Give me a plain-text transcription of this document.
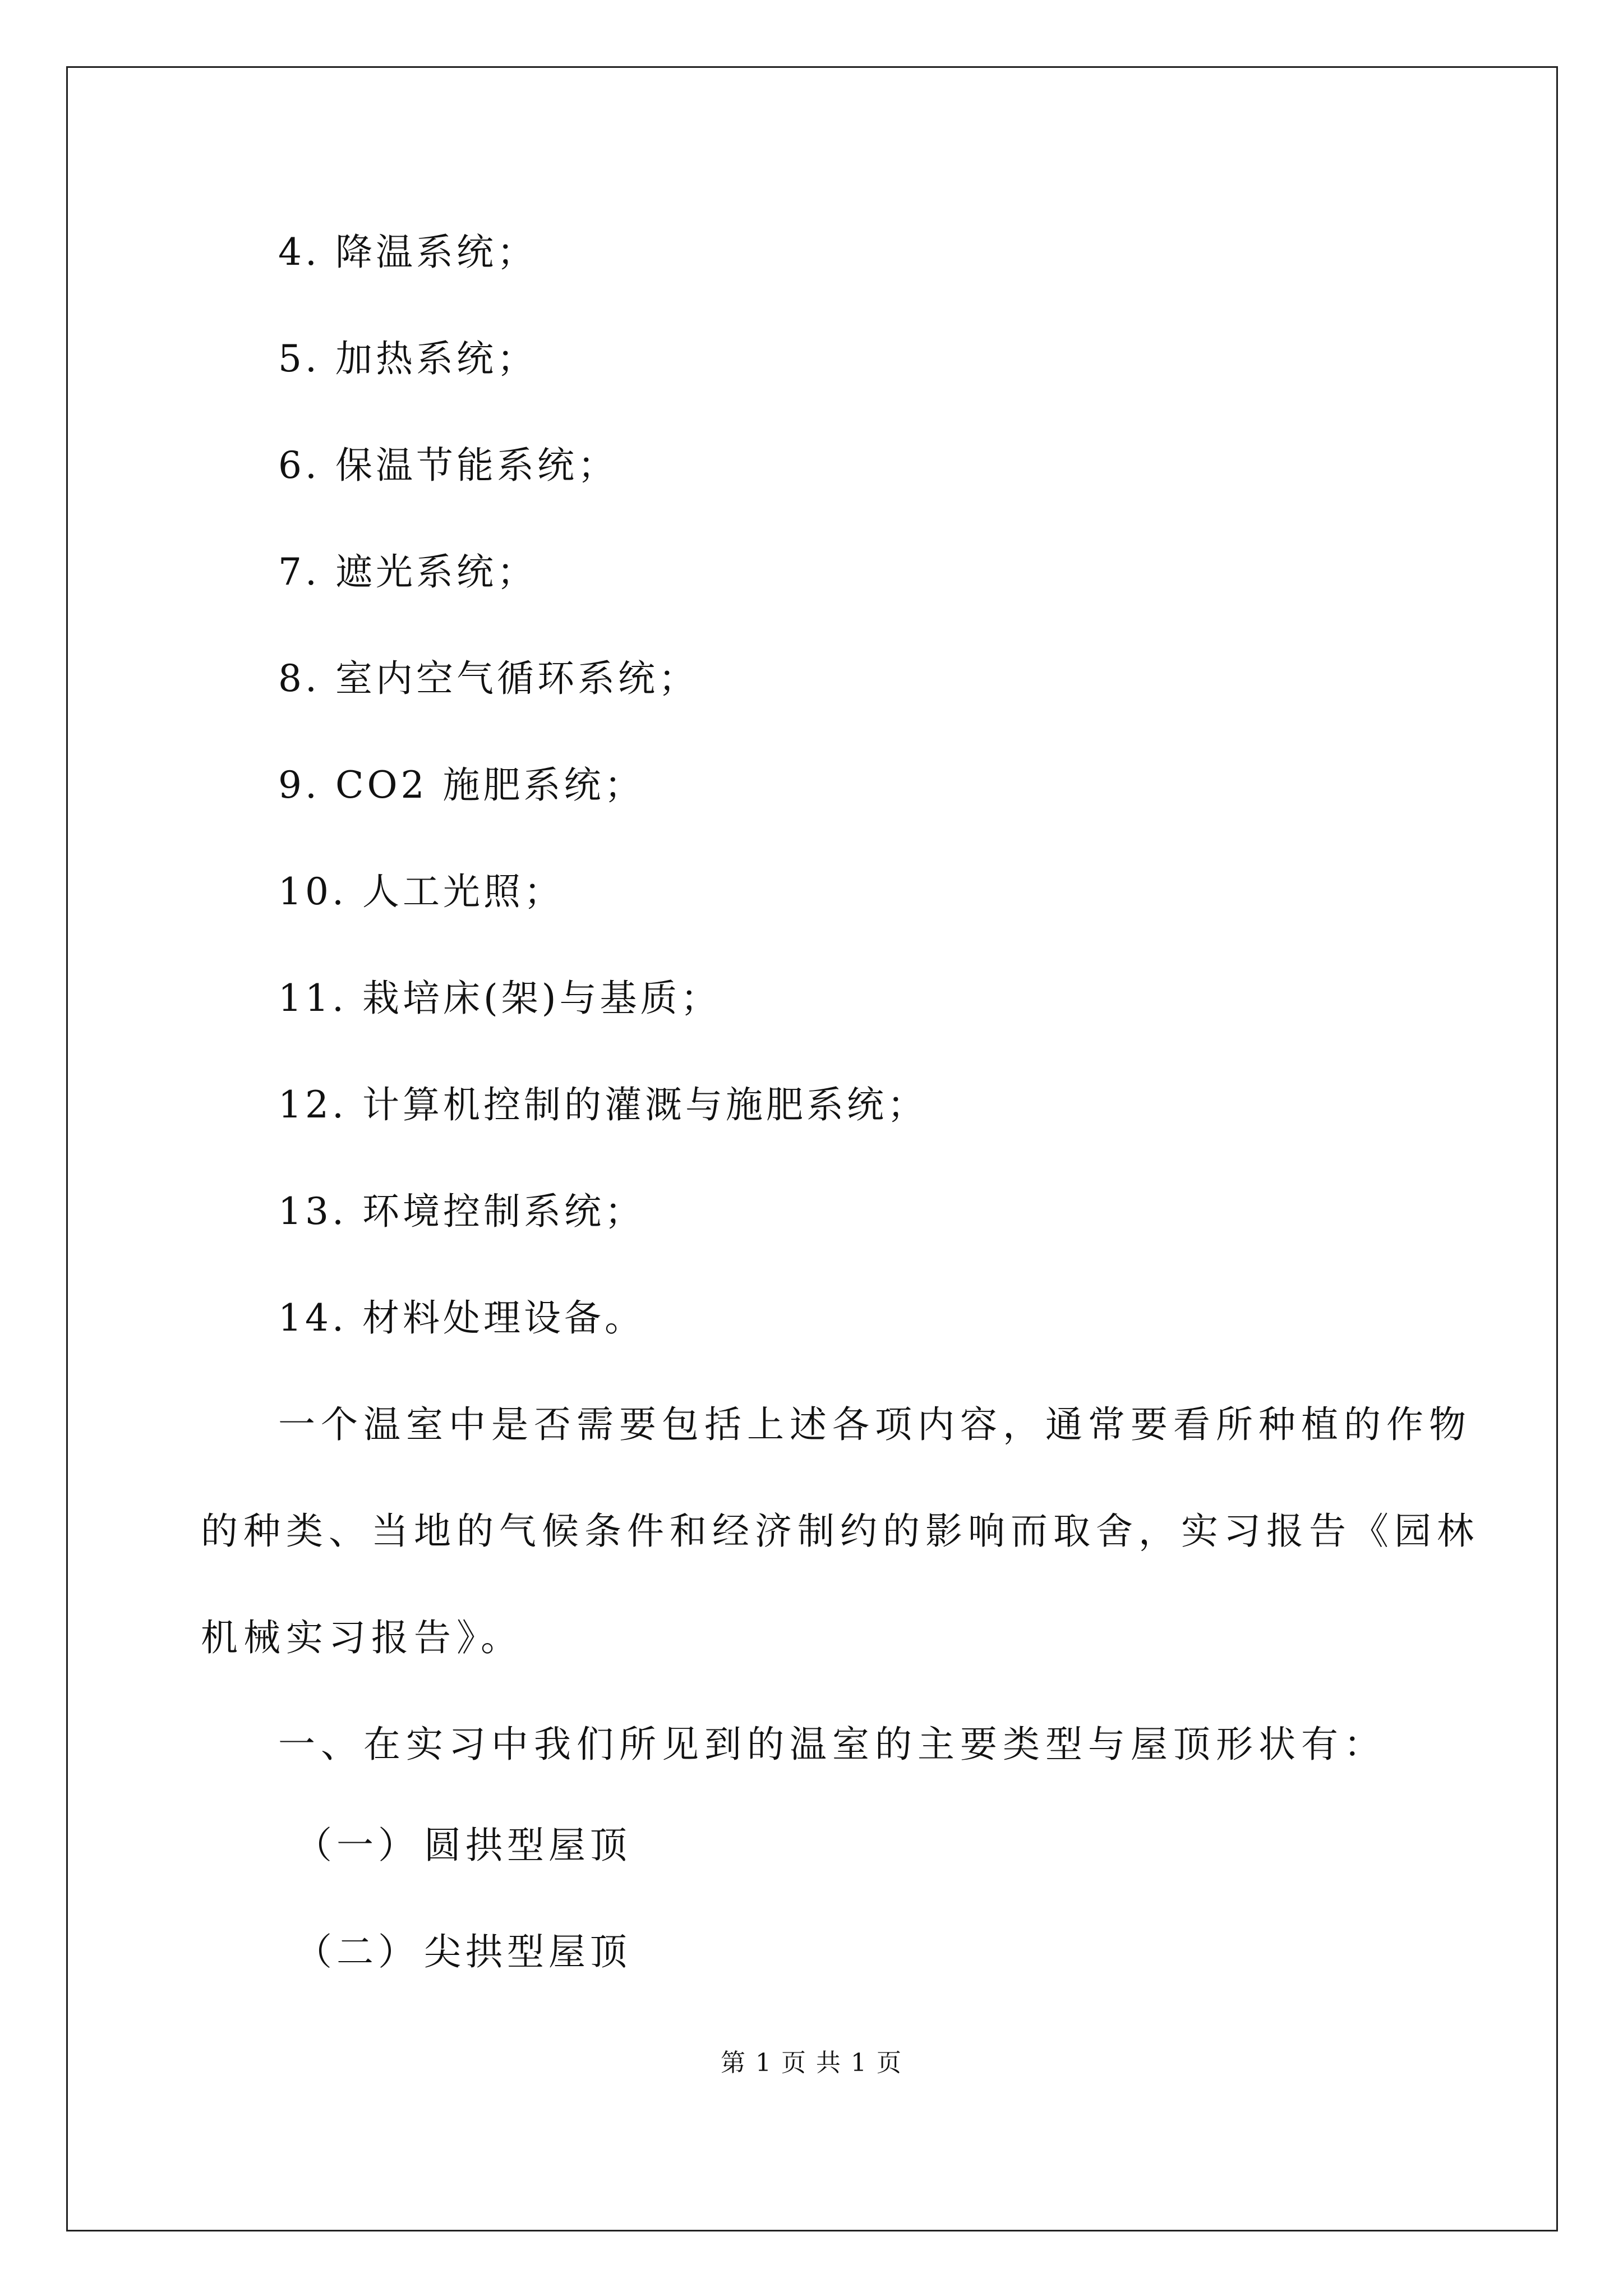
4. 降温系统；
5. 加热系统；
6. 保温节能系统；
7. 遮光系统；
8. 室内空气循环系统；
9. CO2 施肥系统；
10. 人工光照；
11. 栽培床(架)与基质；
12. 计算机控制的灌溉与施肥系统；
13. 环境控制系统；
14. 材料处理设备。
一个温室中是否需要包括上述各项内容，通常要看所种植的作物
的种类、当地的气候条件和经济制约的影响而取舍，实习报告《园林
机械实习报告》。
一、在实习中我们所见到的温室的主要类型与屋顶形状有：
（一） 圆拱型屋顶
（二） 尖拱型屋顶
第 1 页 共 1 页
